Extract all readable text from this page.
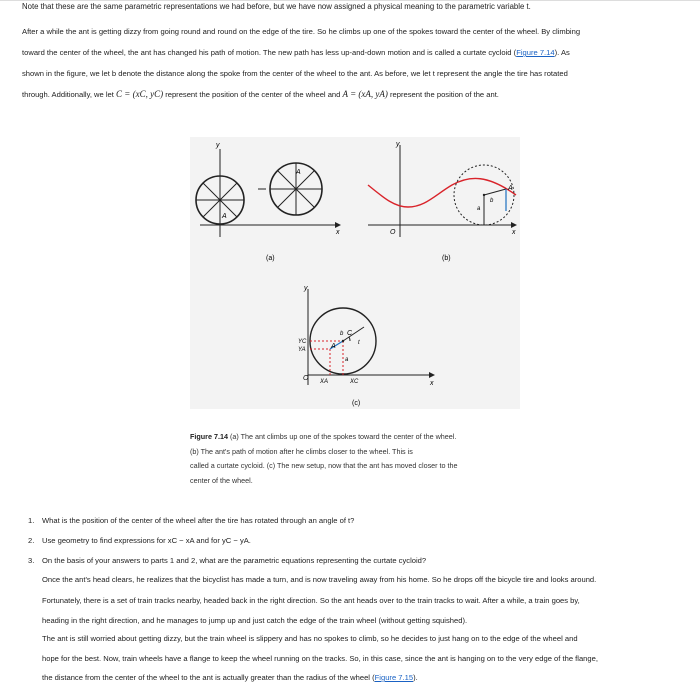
Note that these are the same parametric representations we had before, but we have now assigned a physical meaning to the parametric variable t.
After a while the ant is getting dizzy from going round and round on the edge of the tire. So he climbs up one of the spokes toward the center of the wheel. By climbing
toward the center of the wheel, the ant has changed his path of motion. The new path has less up-and-down motion and is called a curtate cycloid (Figure 7.14). As
shown in the figure, we let b denote the distance along the spoke from the center of the wheel to the ant. As before, we let t represent the angle the tire has rotated
through. Additionally, we let C = (xC, yC) represent the position of the center of the wheel and A = (xA, yA) represent the position of the ant.
y
x
A
A
(a)
y
O	x
A
b
a
(b)
y
x
O
b C
t
A
a
YC
YA
XA	XC
(c)
Figure 7.14 (a) The ant climbs up one of the spokes toward the center of the wheel.
(b) The ant's path of motion after he climbs closer to the wheel. This is
called a curtate cycloid. (c) The new setup, now that the ant has moved closer to the
center of the wheel.
1.	What is the position of the center of the wheel after the tire has rotated through an angle of t?
2.	Use geometry to find expressions for xC − xA and for yC − yA.
3.	On the basis of your answers to parts 1 and 2, what are the parametric equations representing the curtate cycloid?
Once the ant's head clears, he realizes that the bicyclist has made a turn, and is now traveling away from his home. So he drops off the bicycle tire and looks around.
Fortunately, there is a set of train tracks nearby, headed back in the right direction. So the ant heads over to the train tracks to wait. After a while, a train goes by,
heading in the right direction, and he manages to jump up and just catch the edge of the train wheel (without getting squished).
The ant is still worried about getting dizzy, but the train wheel is slippery and has no spokes to climb, so he decides to just hang on to the edge of the wheel and
hope for the best. Now, train wheels have a flange to keep the wheel running on the tracks. So, in this case, since the ant is hanging on to the very edge of the flange,
the distance from the center of the wheel to the ant is actually greater than the radius of the wheel (Figure 7.15).
